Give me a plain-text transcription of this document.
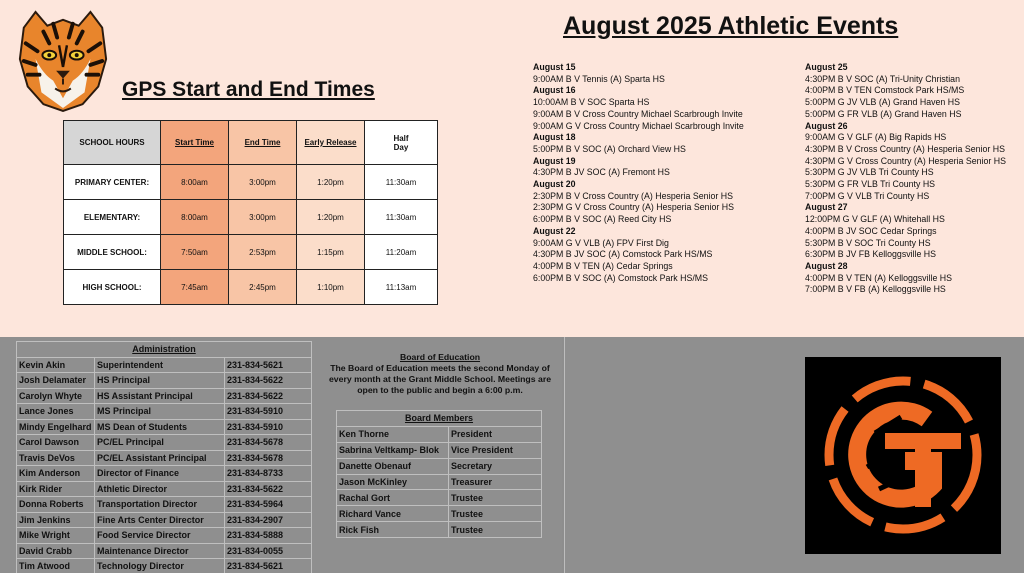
GPS Start and End Times
August 2025 Athletic Events
SCHOOL HOURS	Start Time	End Time	Early Release	Half Day
PRIMARY CENTER:	8:00am	3:00pm	1:20pm	11:30am
ELEMENTARY:	8:00am	3:00pm	1:20pm	11:30am
MIDDLE SCHOOL:	7:50am	2:53pm	1:15pm	11:20am
HIGH SCHOOL:	7:45am	2:45pm	1:10pm	11:13am
August 15
9:00AM B V Tennis (A) Sparta HS
August 16
10:00AM B V SOC Sparta HS
9:00AM B V Cross Country Michael Scarbrough Invite
9:00AM G V Cross Country Michael Scarbrough Invite
August 18
5:00PM B V SOC (A) Orchard View HS
August 19
4:30PM B JV SOC (A) Fremont HS
August 20
2:30PM B V Cross Country (A) Hesperia Senior HS
2:30PM G V Cross Country (A) Hesperia Senior HS
6:00PM B V SOC (A) Reed City HS
August 22
9:00AM G V VLB (A) FPV First Dig
4:30PM B JV SOC (A) Comstock Park HS/MS
4:00PM B V TEN (A) Cedar Springs
6:00PM B V SOC (A) Comstock Park HS/MS
August 25
4:30PM B V SOC (A) Tri-Unity Christian
4:00PM B V TEN Comstock Park HS/MS
5:00PM G JV VLB (A) Grand Haven HS
5:00PM G FR VLB (A) Grand Haven HS
August 26
9:00AM G V GLF (A) Big Rapids HS
4:30PM B V Cross Country (A) Hesperia Senior HS
4:30PM G V Cross Country (A) Hesperia Senior HS
5:30PM G JV VLB Tri County HS
5:30PM G FR VLB Tri County HS
7:00PM G V VLB Tri County HS
August 27
12:00PM G V GLF (A) Whitehall HS
4:00PM B JV SOC Cedar Springs
5:30PM B V SOC Tri County HS
6:30PM B JV FB Kelloggsville HS
August 28
4:00PM B V TEN (A) Kelloggsville HS
7:00PM B V FB (A) Kelloggsville HS
Administration		
Kevin Akin	Superintendent	231-834-5621
Josh Delamater	HS Principal	231-834-5622
Carolyn Whyte	HS Assistant Principal	231-834-5622
Lance Jones	MS Principal	231-834-5910
Mindy Engelhard	MS Dean of Students	231-834-5910
Carol Dawson	PC/EL Principal	231-834-5678
Travis DeVos	PC/EL Assistant Principal	231-834-5678
Kim Anderson	Director of Finance	231-834-8733
Kirk Rider	Athletic Director	231-834-5622
Donna Roberts	Transportation Director	231-834-5964
Jim Jenkins	Fine Arts Center Director	231-834-2907
Mike Wright	Food Service Director	231-834-5888
David Crabb	Maintenance Director	231-834-0055
Tim Atwood	Technology Director	231-834-5621
Board of Education
The Board of Education meets the second Monday of every month at the Grant Middle School. Meetings are open to the public and begin a 6:00 p.m.
Board Members	
Ken Thorne	President
Sabrina Veltkamp- Blok	Vice President
Danette Obenauf	Secretary
Jason McKinley	Treasurer
Rachal Gort	Trustee
Richard Vance	Trustee
Rick Fish	Trustee
